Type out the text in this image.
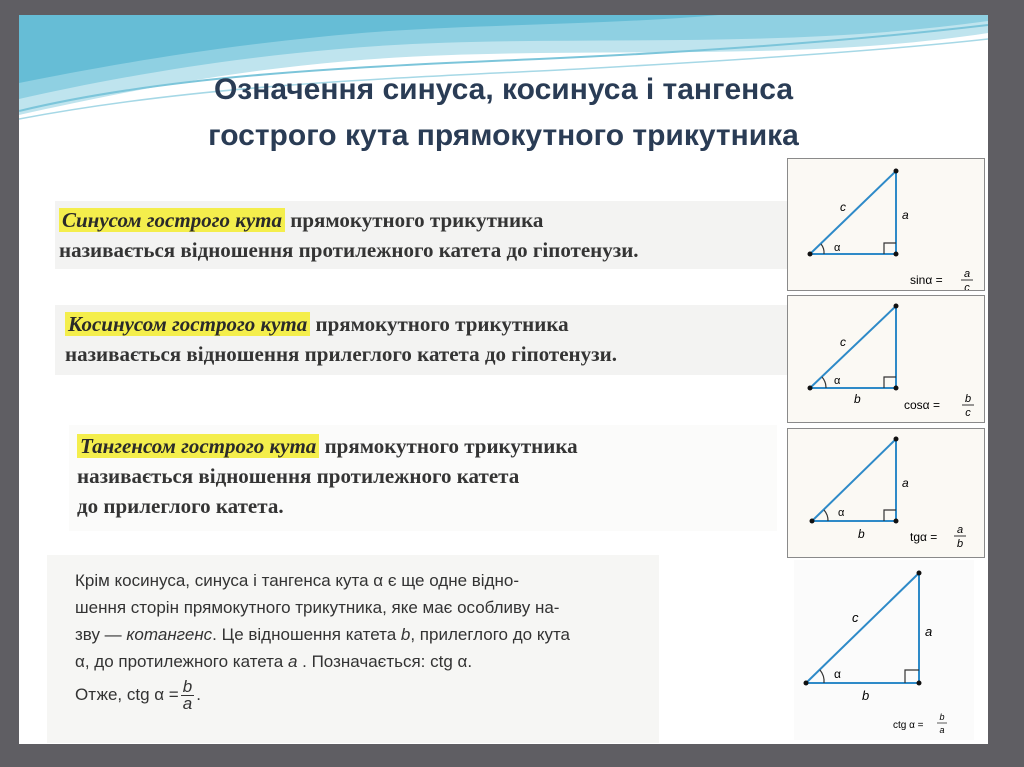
Означення синуса, косинуса і тангенса
гострого кута прямокутного трикутника
Синусом гострого кута прямокутного трикутника
називається відношення протилежного катета до гіпотенузи.
Косинусом гострого кута прямокутного трикутника
називається відношення прилеглого катета до гіпотенузи.
Тангенсом гострого кута прямокутного трикутника
називається відношення протилежного катета
до прилеглого катета.
c
a
α
sinα = a
c
c
α
b	cosα = b
c
a
α
b	tgα = a
b
c
a
α
b
ctg α =
b
a

Крім косинуса, синуса і тангенса кута α є ще одне відно-

шення сторін прямокутного трикутника, яке має особливу на-

зву — котангенс. Це відношення катета b, прилеглого до кута

α, до протилежного катета a . Позначається: ctg α.

Отже, ctg $\alpha = \frac{b}{a}$ .
